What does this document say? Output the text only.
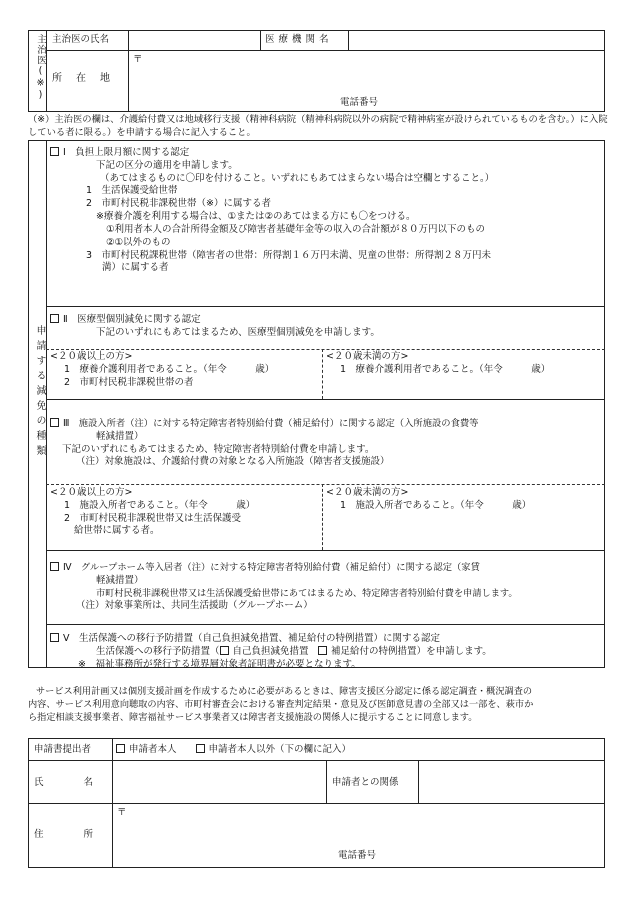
主治医(※) 主治医の氏名	医療機関名
所在地
〒
電話番号
（※）主治医の欄は、介護給付費又は地域移行支援（精神科病院（精神科病院以外の病院で精神病室が設けられているものを含む。）に入院している者に限る。）を申請する場合に記入すること。
申請する減免の種類
Ⅰ　負担上限月額に関する認定
下記の区分の適用を申請します。
（あてはまるものに〇印を付けること。いずれにもあてはまらない場合は空欄とすること。）
1　生活保護受給世帯
2　市町村民税非課税世帯（※）に属する者
※療養介護を利用する場合は、①または②のあてはまる方にも〇をつける。
①利用者本人の合計所得金額及び障害者基礎年金等の収入の合計額が８０万円以下のもの
②①以外のもの
3　市町村民税課税世帯（障害者の世帯：所得割１６万円未満、児童の世帯：所得割２８万円未
満）に属する者
Ⅱ　医療型個別減免に関する認定
下記のいずれにもあてはまるため、医療型個別減免を申請します。
<２０歳以上の方>
1　療養介護利用者であること。（年令　　　歳）
2　市町村民税非課税世帯の者
<２０歳未満の方>
1　療養介護利用者であること。（年令　　　歳）
Ⅲ　施設入所者（注）に対する特定障害者特別給付費（補足給付）に関する認定（入所施設の食費等
軽減措置）
下記のいずれにもあてはまるため、特定障害者特別給付費を申請します。
（注）対象施設は、介護給付費の対象となる入所施設（障害者支援施設）
<２０歳以上の方>
1　施設入所者であること。（年令　　　歳）
2　市町村民税非課税世帯又は生活保護受
給世帯に属する者。
<２０歳未満の方>
1　施設入所者であること。（年令　　　歳）
Ⅳ　グループホーム等入居者（注）に対する特定障害者特別給付費（補足給付）に関する認定（家賃
軽減措置）
市町村民税非課税世帯又は生活保護受給世帯にあてはまるため、特定障害者特別給付費を申請します。
（注）対象事業所は、共同生活援助（グループホーム）
Ⅴ　生活保護への移行予防措置（自己負担減免措置、補足給付の特例措置）に関する認定
生活保護への移行予防措置（ 自己負担減免措置　 補足給付の特例措置）を申請します。
※　福祉事務所が発行する境界層対象者証明書が必要となります。
サービス利用計画又は個別支援計画を作成するために必要があるときは、障害支援区分認定に係る認定調査・概況調査の
内容、サービス利用意向聴取の内容、市町村審査会における審査判定結果・意見及び医師意見書の全部又は一部を、萩市か
ら指定相談支援事業者、障害福祉サービス事業者又は障害者支援施設の関係人に提示することに同意します。
申請書提出者	申請者本人　　	申請者本人以外（下の欄に記入）
氏名	申請者との関係
住所
〒
電話番号
